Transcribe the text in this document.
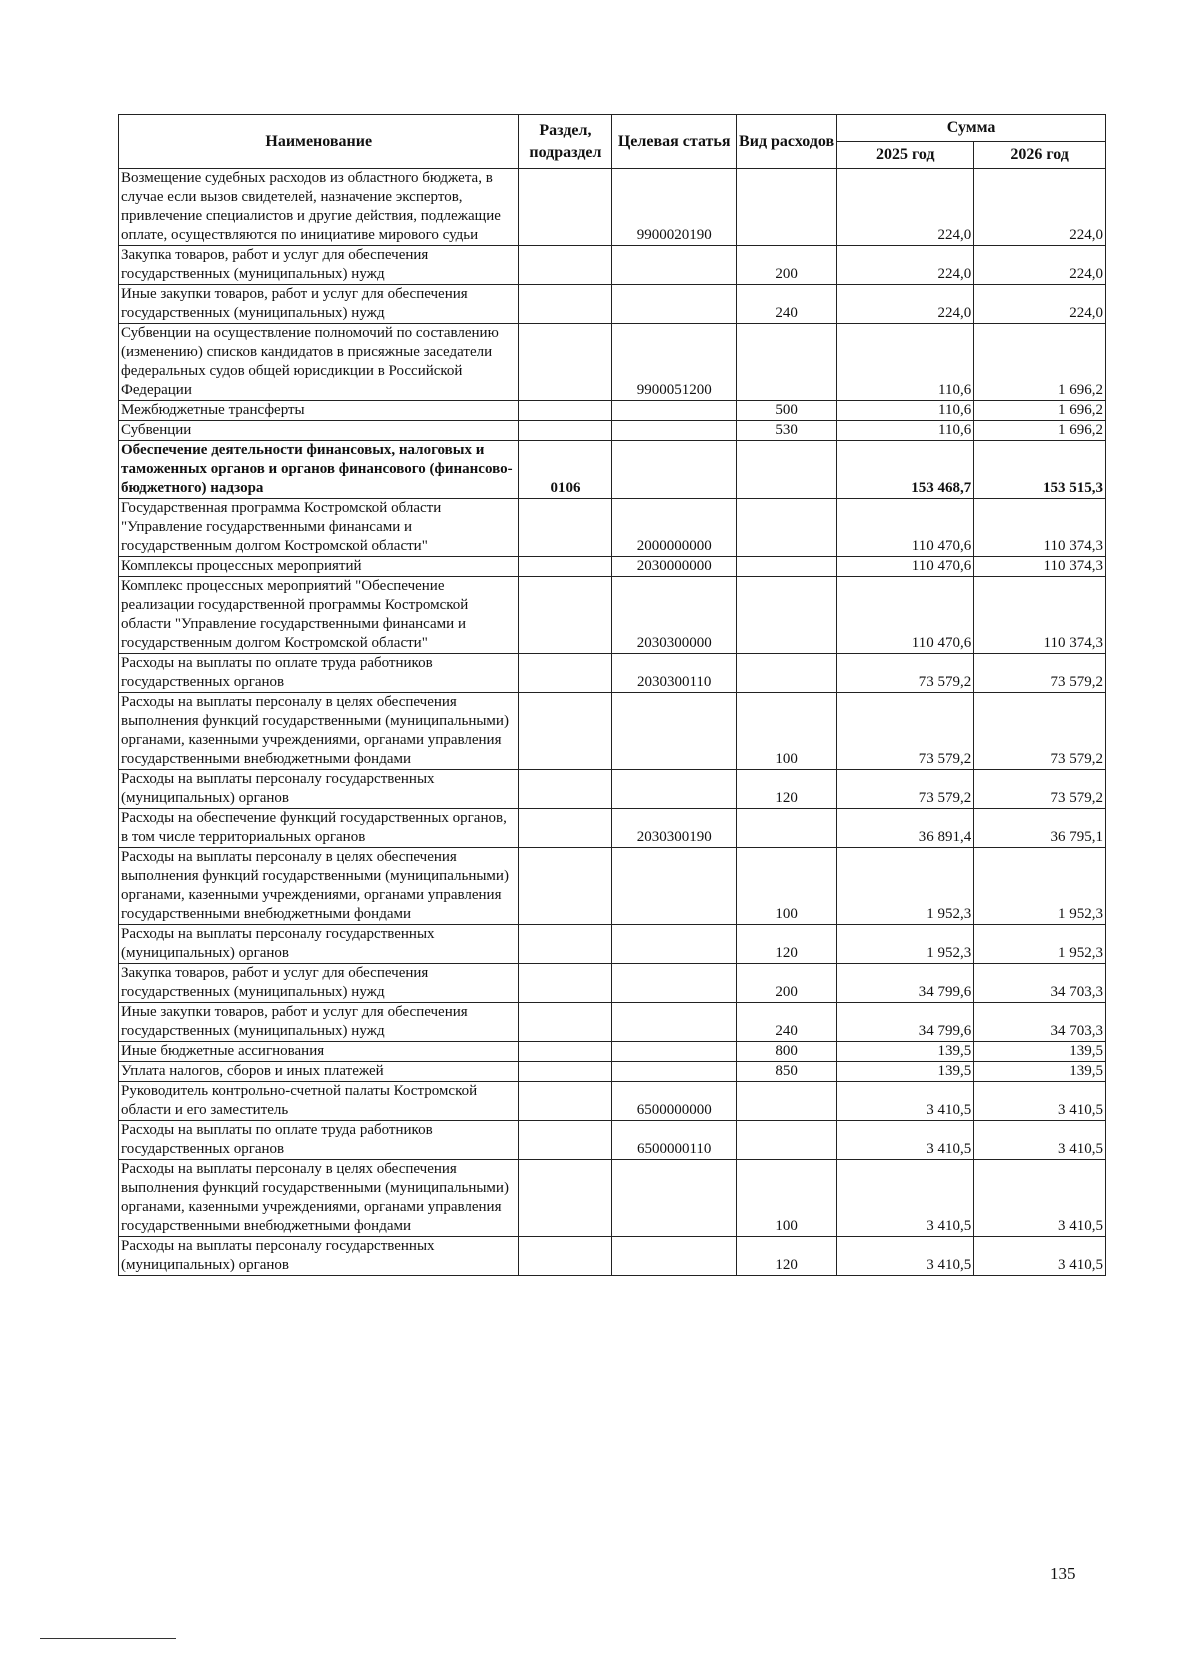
Наименование	Раздел, подраздел	Целевая статья	Вид расходов	Сумма	
				2025 год	2026 год
Возмещение судебных расходов из областного бюджета, в случае если вызов свидетелей, назначение экспертов, привлечение специалистов и другие действия, подлежащие оплате, осуществляются по инициативе мирового судьи		9900020190		224,0	224,0
Закупка товаров, работ и услуг для обеспечения государственных (муниципальных) нужд			200	224,0	224,0
Иные закупки товаров, работ и услуг для обеспечения государственных (муниципальных) нужд			240	224,0	224,0
Субвенции на осуществление полномочий по составлению (изменению) списков кандидатов в присяжные заседатели федеральных судов общей юрисдикции в Российской Федерации		9900051200		110,6	1 696,2
Межбюджетные трансферты			500	110,6	1 696,2
Субвенции			530	110,6	1 696,2
Обеспечение деятельности финансовых, налоговых и таможенных органов и органов финансового (финансово-бюджетного) надзора	0106			153 468,7	153 515,3
Государственная программа Костромской области "Управление государственными финансами и государственным долгом Костромской области"		2000000000		110 470,6	110 374,3
Комплексы процессных мероприятий		2030000000		110 470,6	110 374,3
Комплекс процессных мероприятий "Обеспечение реализации государственной программы Костромской области "Управление государственными финансами и государственным долгом Костромской области"		2030300000		110 470,6	110 374,3
Расходы на выплаты по оплате труда работников государственных органов		2030300110		73 579,2	73 579,2
Расходы на выплаты персоналу в целях обеспечения выполнения функций государственными (муниципальными) органами, казенными учреждениями, органами управления государственными внебюджетными фондами			100	73 579,2	73 579,2
Расходы на выплаты персоналу государственных (муниципальных) органов			120	73 579,2	73 579,2
Расходы на обеспечение функций государственных органов, в том числе территориальных органов		2030300190		36 891,4	36 795,1
Расходы на выплаты персоналу в целях обеспечения выполнения функций государственными (муниципальными) органами, казенными учреждениями, органами управления государственными внебюджетными фондами			100	1 952,3	1 952,3
Расходы на выплаты персоналу государственных (муниципальных) органов			120	1 952,3	1 952,3
Закупка товаров, работ и услуг для обеспечения государственных (муниципальных) нужд			200	34 799,6	34 703,3
Иные закупки товаров, работ и услуг для обеспечения государственных (муниципальных) нужд			240	34 799,6	34 703,3
Иные бюджетные ассигнования			800	139,5	139,5
Уплата налогов, сборов и иных платежей			850	139,5	139,5
Руководитель контрольно-счетной палаты Костромской области и его заместитель		6500000000		3 410,5	3 410,5
Расходы на выплаты по оплате труда работников государственных органов		6500000110		3 410,5	3 410,5
Расходы на выплаты персоналу в целях обеспечения выполнения функций государственными (муниципальными) органами, казенными учреждениями, органами управления государственными внебюджетными фондами			100	3 410,5	3 410,5
Расходы на выплаты персоналу государственных (муниципальных) органов			120	3 410,5	3 410,5
135
